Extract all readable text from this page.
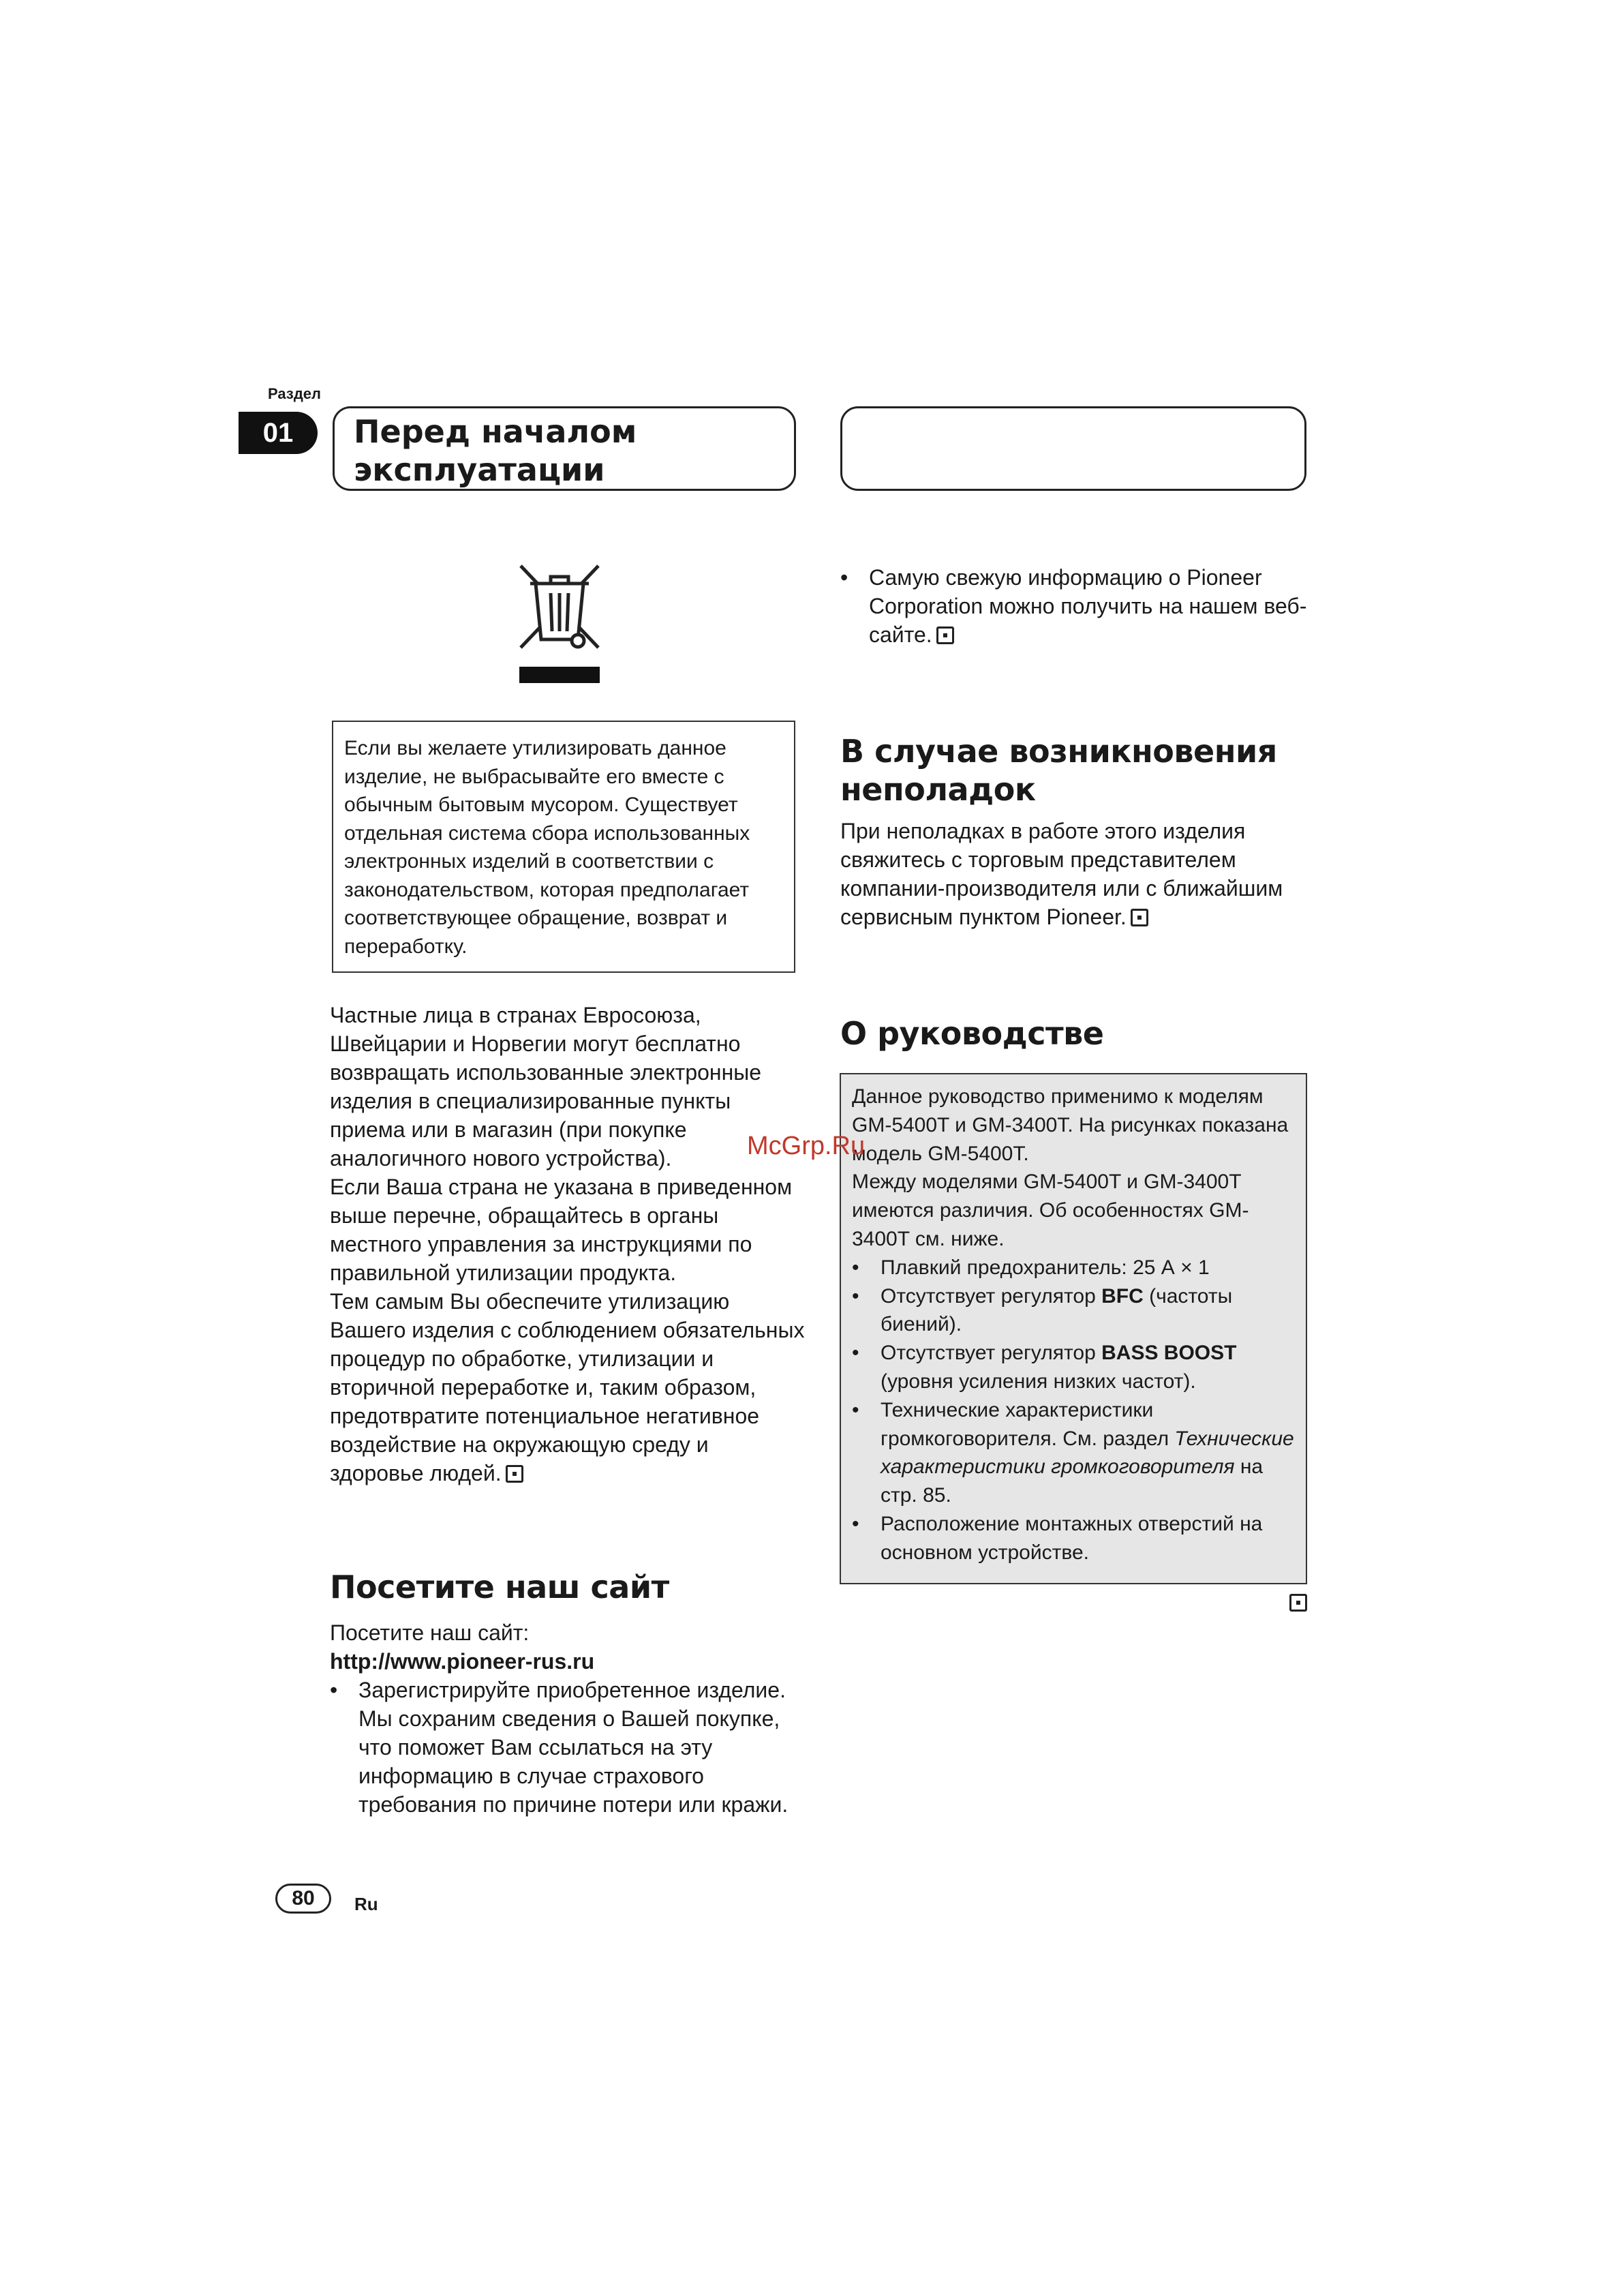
Раздел
01	Перед началом эксплуатации
Если вы желаете утилизировать данное изделие, не выбрасывайте его вместе с обычным бытовым мусором. Существует отдельная система сбора использованных электронных изделий в соответствии с законодательством, которая предполагает соответствующее обращение, возврат и переработку.
Частные лица в странах Евросоюза, Швейцарии и Норвегии могут бесплатно возвращать использованные электронные изделия в специализированные пункты приема или в магазин (при покупке аналогичного нового устройства).
Если Ваша страна не указана в приведенном выше перечне, обращайтесь в органы местного управления за инструкциями по правильной утилизации продукта.
Тем самым Вы обеспечите утилизацию Вашего изделия с соблюдением обязательных процедур по обработке, утилизации и вторичной переработке и, таким образом, предотвратите потенциальное негативное воздействие на окружающую среду и здоровье людей.
Посетите наш сайт
Посетите наш сайт:
http://www.pioneer-rus.ru
• Зарегистрируйте приобретенное изделие. Мы сохраним сведения о Вашей покупке, что поможет Вам ссылаться на эту информацию в случае страхового требования по причине потери или кражи.
• Самую свежую информацию о Pioneer Corporation можно получить на нашем веб-сайте.
В случае возникновения неполадок
При неполадках в работе этого изделия свяжитесь с торговым представителем компании-производителя или с ближайшим сервисным пунктом Pioneer.
О руководстве
Данное руководство применимо к моделям GM-5400T и GM-3400T. На рисунках показана модель GM-5400T.
Между моделями GM-5400T и GM-3400T имеются различия. Об особенностях GM-3400T см. ниже.
• Плавкий предохранитель: 25 А × 1
• Отсутствует регулятор BFC (частоты биений).
• Отсутствует регулятор BASS BOOST (уровня усиления низких частот).
• Технические характеристики громкоговорителя. См. раздел Технические характеристики громкоговорителя на стр. 85.
• Расположение монтажных отверстий на основном устройстве.
McGrp.Ru
80	Ru
